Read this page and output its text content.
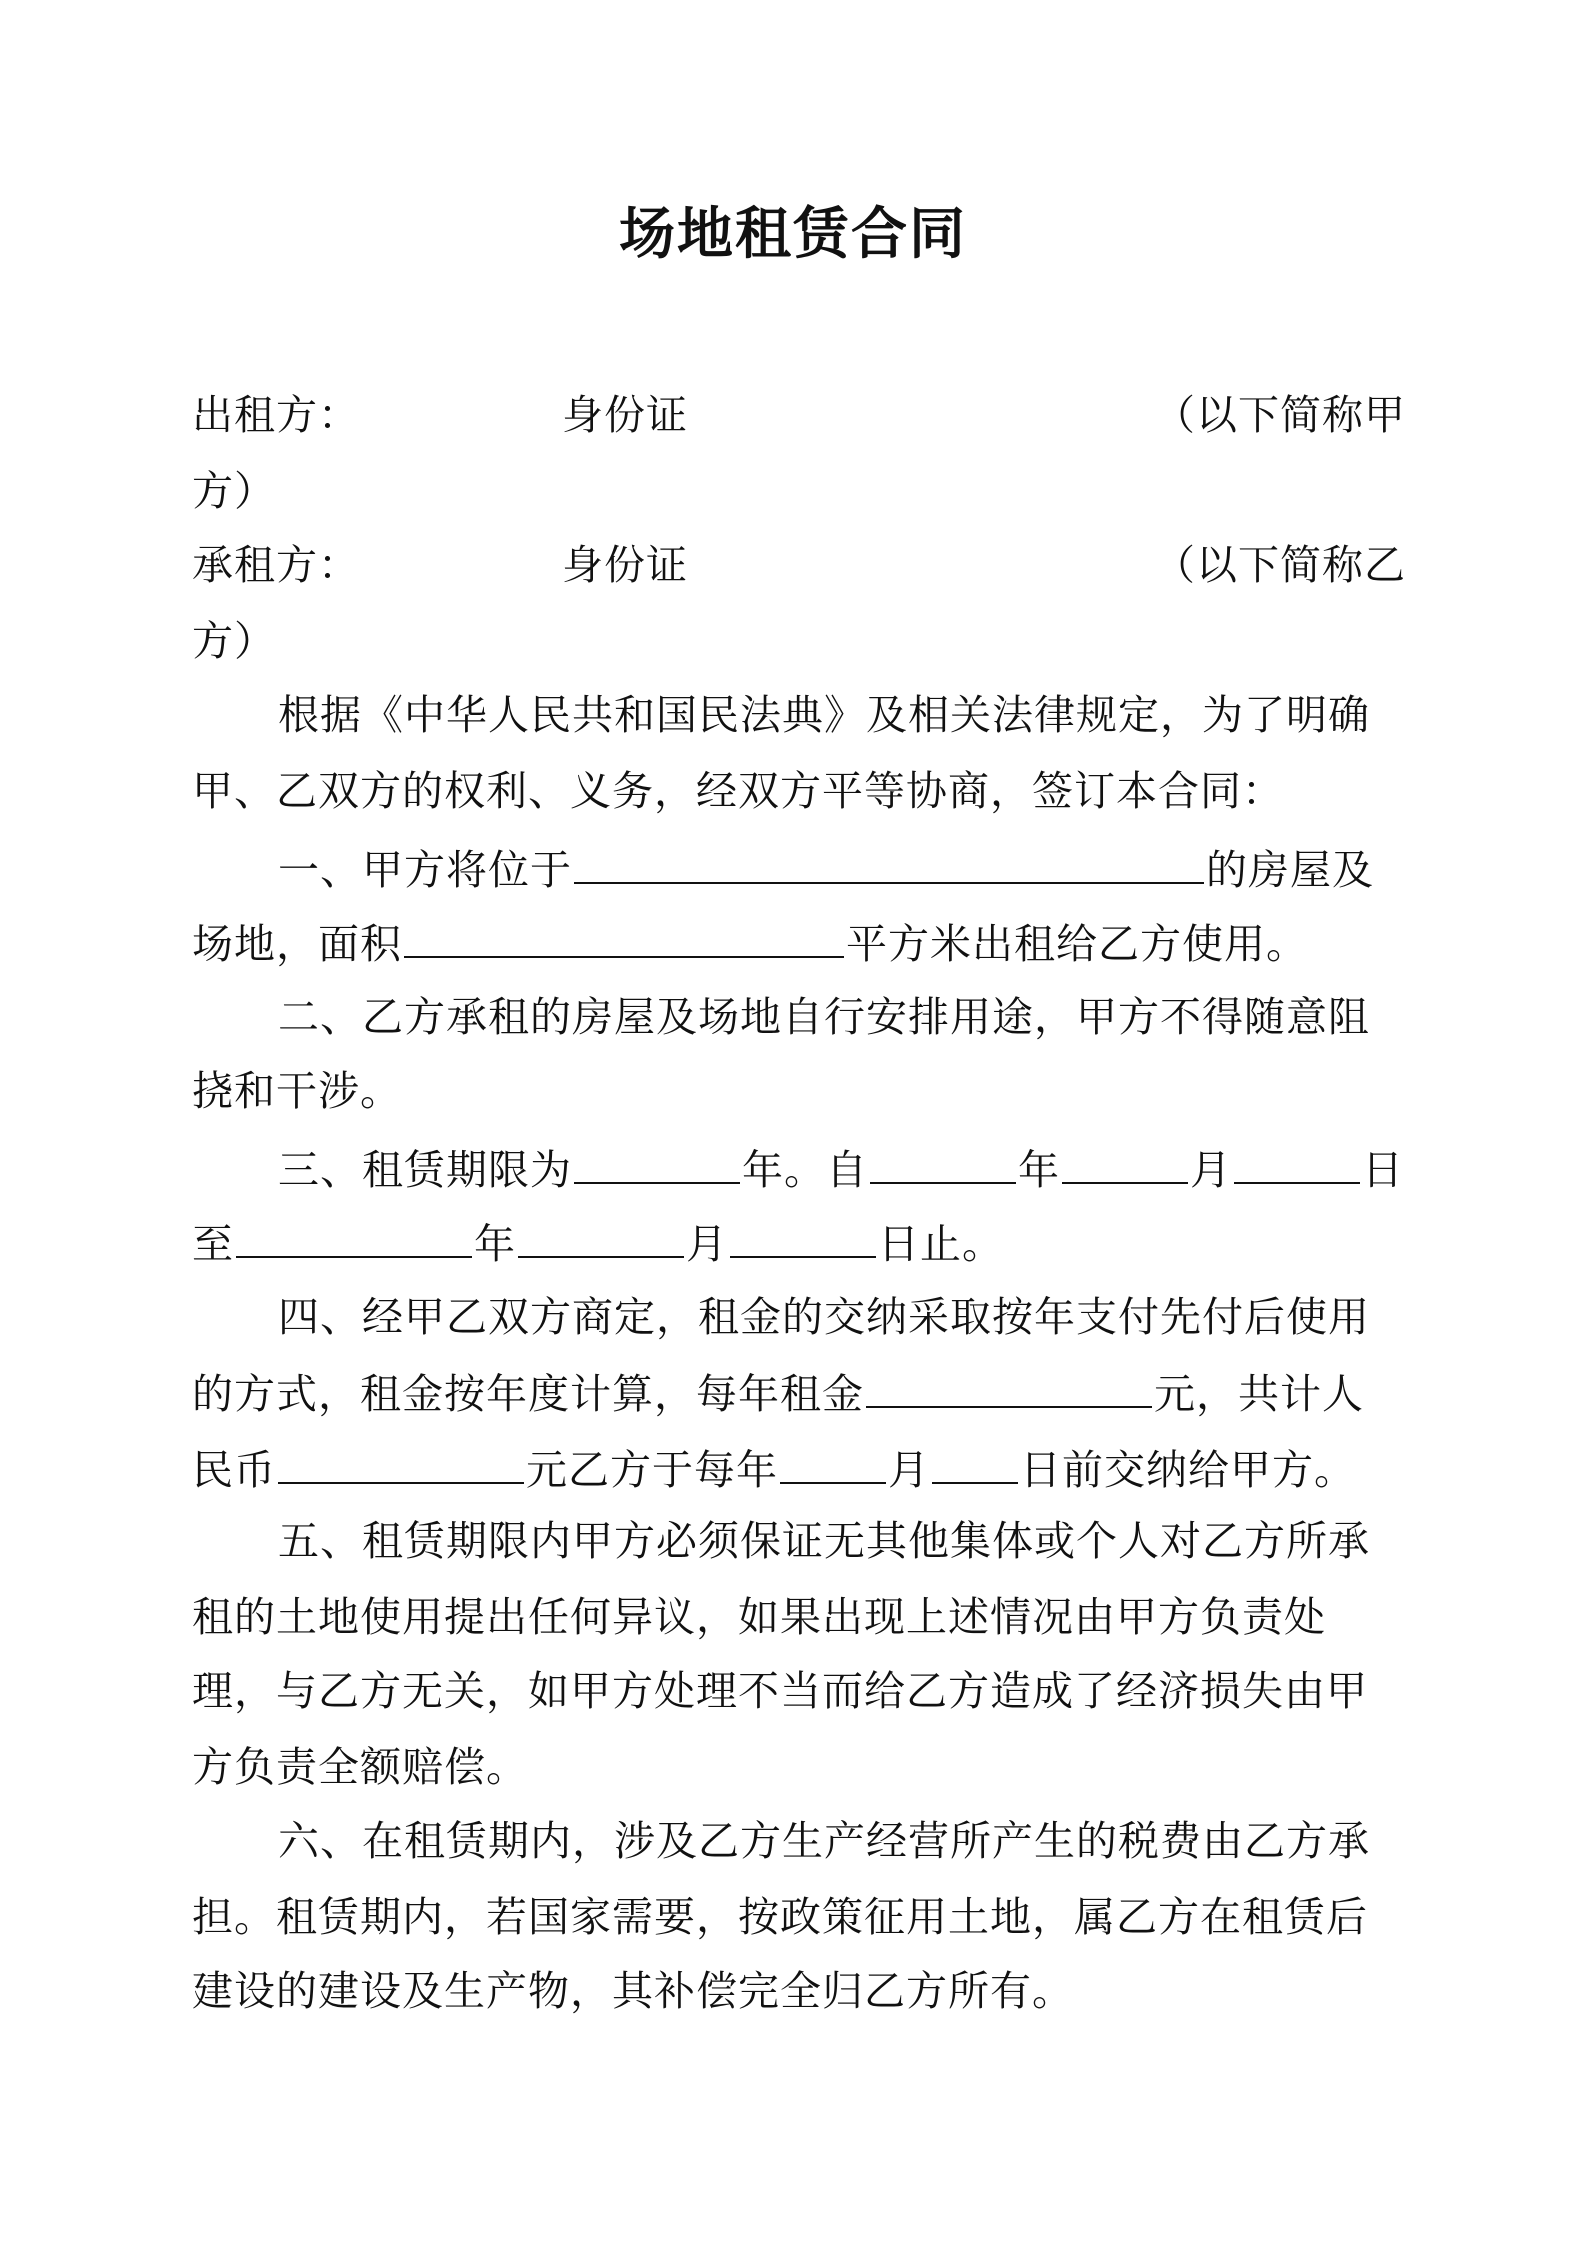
场地租赁合同
出租方：	身份证	（以下简称甲
方）
承租方：	身份证	（以下简称乙
方）
根据《中华人民共和国民法典》及相关法律规定，为了明确
甲、乙双方的权利、义务，经双方平等协商，签订本合同：
一、甲方将位于	的房屋及
场地，面积	平方米出租给乙方使用。
二、乙方承租的房屋及场地自行安排用途，甲方不得随意阻
挠和干涉。
三、租赁期限为	年。自	年	月	日
至	年	月	日止。
四、经甲乙双方商定，租金的交纳采取按年支付先付后使用
的方式，租金按年度计算，每年租金	元，共计人
民币	元乙方于每年	月 日前交纳给甲方。
五、租赁期限内甲方必须保证无其他集体或个人对乙方所承
租的土地使用提出任何异议，如果出现上述情况由甲方负责处
理，与乙方无关，如甲方处理不当而给乙方造成了经济损失由甲
方负责全额赔偿。
六、在租赁期内，涉及乙方生产经营所产生的税费由乙方承
担。租赁期内，若国家需要，按政策征用土地，属乙方在租赁后
建设的建设及生产物，其补偿完全归乙方所有。
